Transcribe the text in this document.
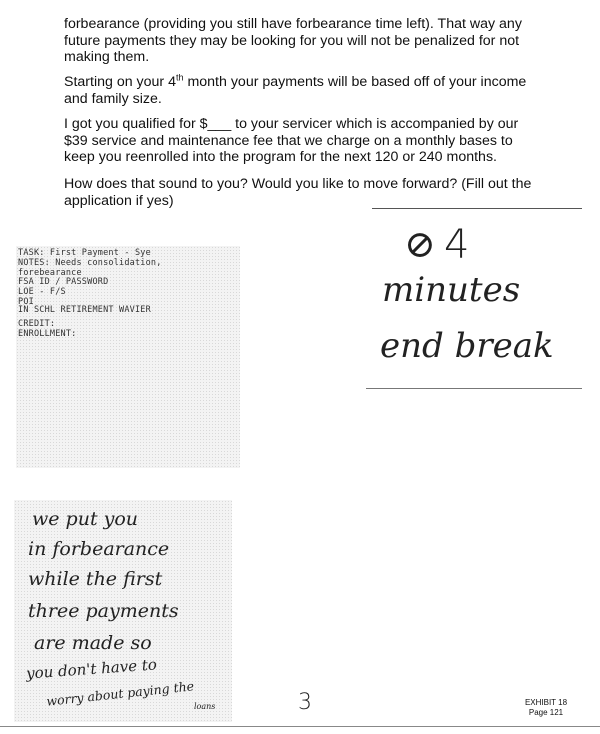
forbearance (providing you still have forbearance time left). That way any future payments they may be looking for you will not be penalized for not making them.

Starting on your 4th month your payments will be based off of your income and family size.

I got you qualified for $___ to your servicer which is accompanied by our $39 service and maintenance fee that we charge on a monthly bases to keep you reenrolled into the program for the next 120 or 240 months.

How does that sound to you? Would you like to move forward? (Fill out the application if yes)

TASK: First Payment - Sye
NOTES: Needs consolidation,
forebearance
FSA ID / PASSWORD
LOE - F/S
POI
IN SCHL RETIREMENT WAVIER
CREDIT:
ENROLLMENT:
⊘ 4
minutes
end break
we put you
in forbearance
while the first
three payments
are made so
you don't have to
worry about paying the loans	3	EXHIBIT 18
Page 121
